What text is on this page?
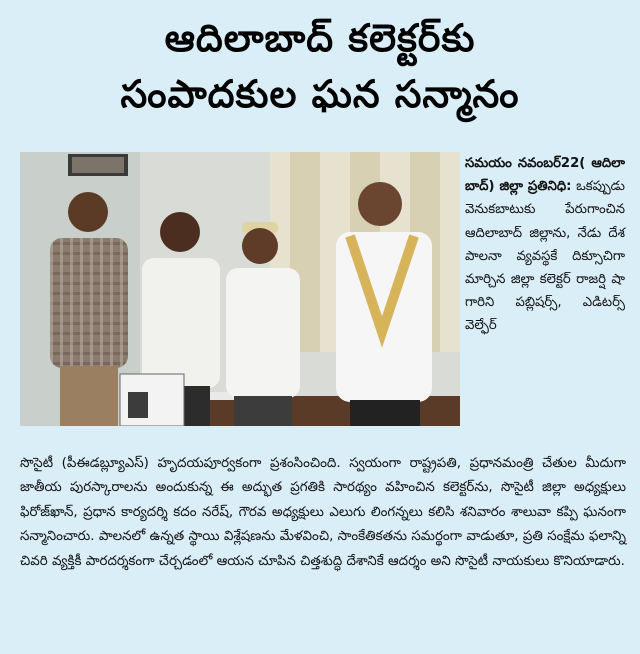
ఆదిలాబాద్ కలెక్టర్‌కు
సంపాదకుల ఘన సన్మానం
సమయం నవంబర్22( ఆదిలా బాద్) జిల్లా ప్రతినిధి: ఒకప్పుడు వెనుకబాటుకు పేరుగాంచిన ఆదిలాబాద్ జిల్లాను, నేడు దేశ పాలనా వ్యవస్థకే దిక్సూచిగా మార్చిన జిల్లా కలెక్టర్ రాజర్షి షా గారిని పబ్లిషర్స్, ఎడిటర్స్ వెల్ఫేర్
సొసైటీ (పీఈడబ్ల్యూఎస్) హృదయపూర్వకంగా ప్రశంసించింది. స్వయంగా రాష్ట్రపతి, ప్రధానమంత్రి చేతుల మీదుగా జాతీయ పురస్కారాలను అందుకున్న ఈ అద్భుత ప్రగతికి సారథ్యం వహించిన కలెక్టర్‌ను, సొసైటీ జిల్లా అధ్యక్షులు ఫిరోజ్‌ఖాన్, ప్రధాన కార్యదర్శి కదం నరేష్, గౌరవ అధ్యక్షులు ఎలుగు లింగన్నలు కలిసి శనివారం శాలువా కప్పి ఘనంగా సన్మానించారు. పాలనలో ఉన్నత స్థాయి విశ్లేషణను మేళవించి, సాంకేతికతను సమర్థంగా వాడుతూ, ప్రతి సంక్షేమ ఫలాన్ని చివరి వ్యక్తికీ పారదర్శకంగా చేర్చడంలో ఆయన చూపిన చిత్తశుద్ధి దేశానికే ఆదర్శం అని సొసైటీ నాయకులు కొనియాడారు.
